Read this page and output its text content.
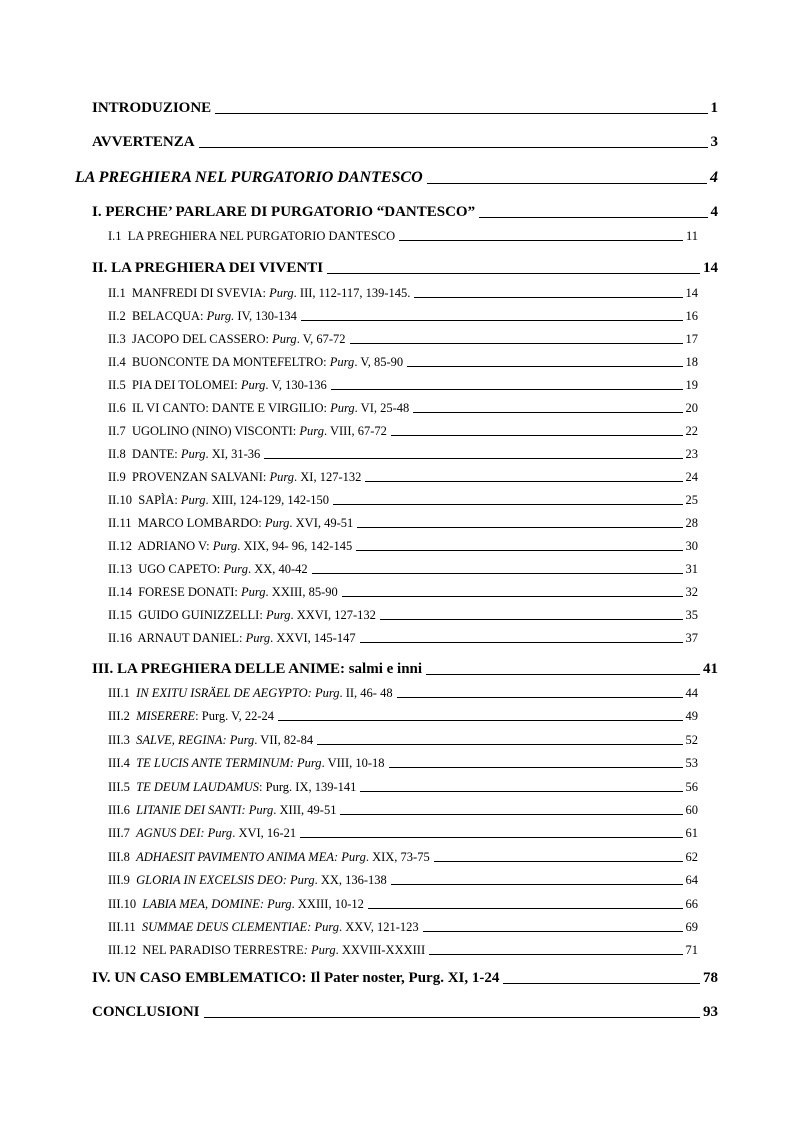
INTRODUZIONE	1
AVVERTENZA	3
LA PREGHIERA NEL PURGATORIO DANTESCO	4
I. PERCHE’ PARLARE DI PURGATORIO “DANTESCO”	4
I.1 LA PREGHIERA NEL PURGATORIO DANTESCO	11
II. LA PREGHIERA DEI VIVENTI	14
II.1 MANFREDI DI SVEVIA: Purg. III, 112-117, 139-145.	14
II.2 BELACQUA: Purg. IV, 130-134	16
II.3 JACOPO DEL CASSERO: Purg. V, 67-72	17
II.4 BUONCONTE DA MONTEFELTRO: Purg. V, 85-90	18
II.5 PIA DEI TOLOMEI: Purg. V, 130-136	19
II.6 IL VI CANTO: DANTE E VIRGILIO: Purg. VI, 25-48	20
II.7 UGOLINO (NINO) VISCONTI: Purg. VIII, 67-72	22
II.8 DANTE: Purg. XI, 31-36	23
II.9 PROVENZAN SALVANI: Purg. XI, 127-132	24
II.10 SAPÌA: Purg. XIII, 124-129, 142-150	25
II.11 MARCO LOMBARDO: Purg. XVI, 49-51	28
II.12 ADRIANO V: Purg. XIX, 94- 96, 142-145	30
II.13 UGO CAPETO: Purg. XX, 40-42	31
II.14 FORESE DONATI: Purg. XXIII, 85-90	32
II.15 GUIDO GUINIZZELLI: Purg. XXVI, 127-132	35
II.16 ARNAUT DANIEL: Purg. XXVI, 145-147	37
III. LA PREGHIERA DELLE ANIME: salmi e inni	41
III.1 IN EXITU ISRÄEL DE AEGYPTO: Purg. II, 46- 48	44
III.2 MISERERE: Purg. V, 22-24	49
III.3 SALVE, REGINA: Purg. VII, 82-84	52
III.4 TE LUCIS ANTE TERMINUM: Purg. VIII, 10-18	53
III.5 TE DEUM LAUDAMUS: Purg. IX, 139-141	56
III.6 LITANIE DEI SANTI: Purg. XIII, 49-51	60
III.7 AGNUS DEI: Purg. XVI, 16-21	61
III.8 ADHAESIT PAVIMENTO ANIMA MEA: Purg. XIX, 73-75	62
III.9 GLORIA IN EXCELSIS DEO: Purg. XX, 136-138	64
III.10 LABIA MEA, DOMINE: Purg. XXIII, 10-12	66
III.11  SUMMAE DEUS CLEMENTIAE: Purg. XXV, 121-123	69
III.12 NEL PARADISO TERRESTRE: Purg. XXVIII-XXXIII	71
IV. UN CASO EMBLEMATICO: Il Pater noster, Purg. XI, 1-24	78
CONCLUSIONI	93
